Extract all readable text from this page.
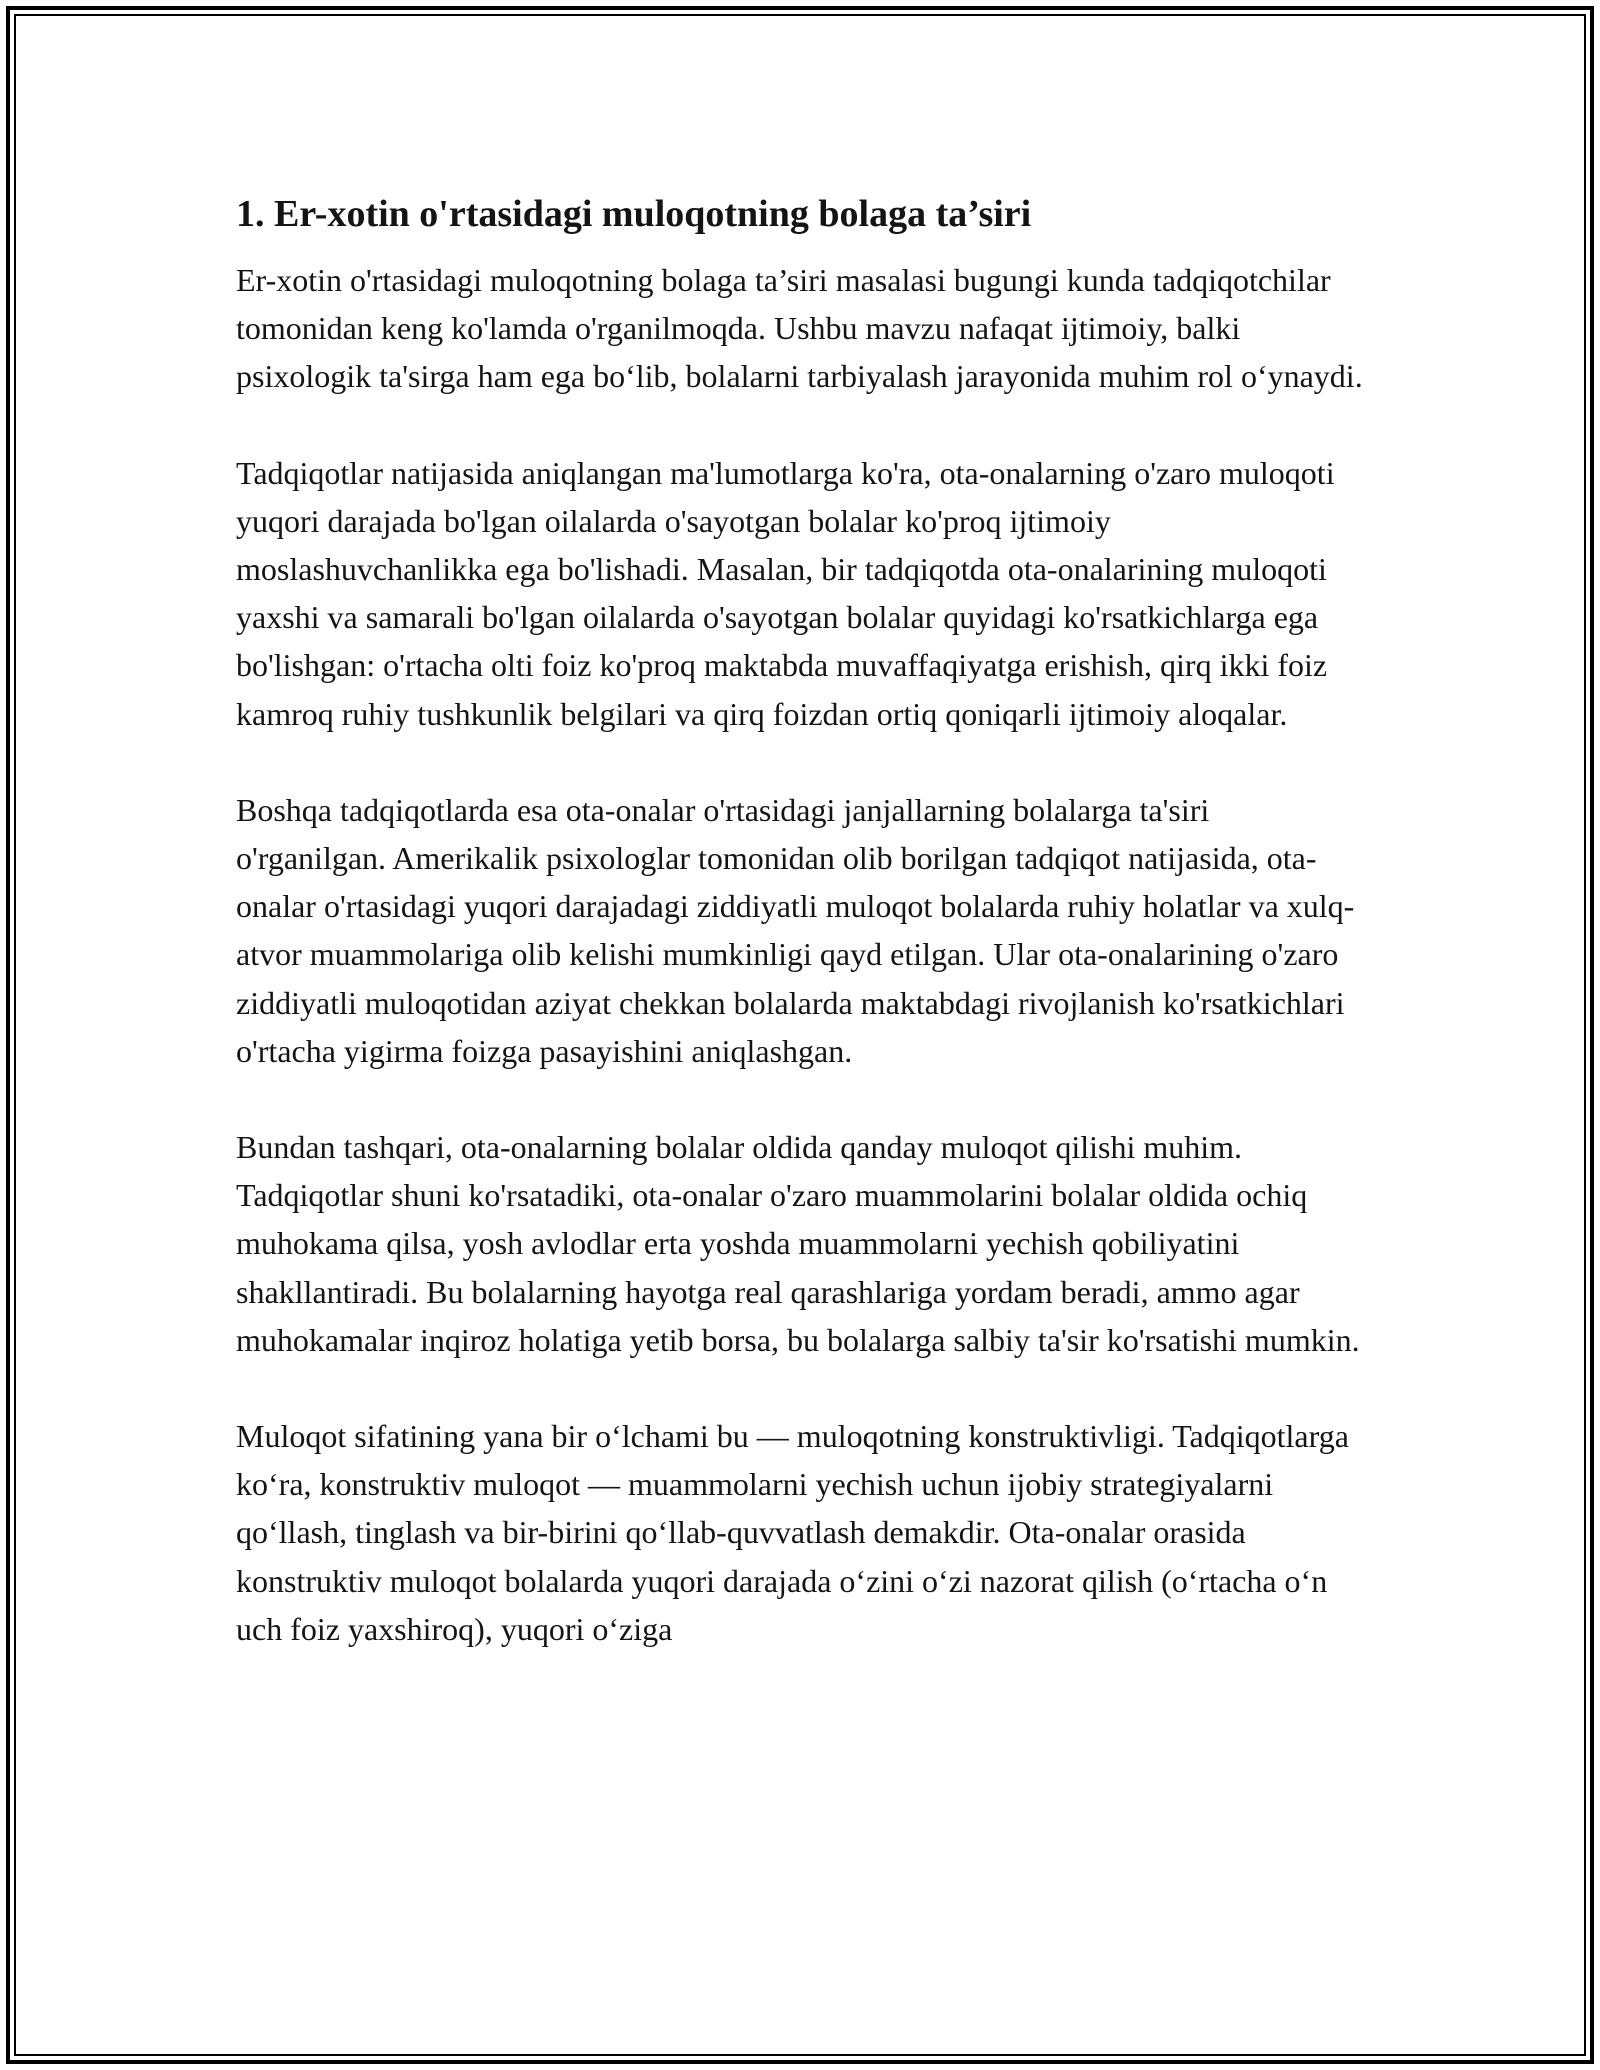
1. Er-xotin o'rtasidagi muloqotning bolaga ta’siri

Er-xotin o'rtasidagi muloqotning bolaga ta’siri masalasi bugungi kunda tadqiqotchilar tomonidan keng ko'lamda o'rganilmoqda. Ushbu mavzu nafaqat ijtimoiy, balki psixologik ta'sirga ham ega bo‘lib, bolalarni tarbiyalash jarayonida muhim rol o‘ynaydi.

Tadqiqotlar natijasida aniqlangan ma'lumotlarga ko'ra, ota-onalarning o'zaro muloqoti yuqori darajada bo'lgan oilalarda o'sayotgan bolalar ko'proq ijtimoiy moslashuvchanlikka ega bo'lishadi. Masalan, bir tadqiqotda ota-onalarining muloqoti yaxshi va samarali bo'lgan oilalarda o'sayotgan bolalar quyidagi ko'rsatkichlarga ega bo'lishgan: o'rtacha olti foiz ko'proq maktabda muvaffaqiyatga erishish, qirq ikki foiz kamroq ruhiy tushkunlik belgilari va qirq foizdan ortiq qoniqarli ijtimoiy aloqalar.

Boshqa tadqiqotlarda esa ota-onalar o'rtasidagi janjallarning bolalarga ta'siri o'rganilgan. Amerikalik psixologlar tomonidan olib borilgan tadqiqot natijasida, ota-onalar o'rtasidagi yuqori darajadagi ziddiyatli muloqot bolalarda ruhiy holatlar va xulq-atvor muammolariga olib kelishi mumkinligi qayd etilgan. Ular ota-onalarining o'zaro ziddiyatli muloqotidan aziyat chekkan bolalarda maktabdagi rivojlanish ko'rsatkichlari o'rtacha yigirma foizga pasayishini aniqlashgan.

Bundan tashqari, ota-onalarning bolalar oldida qanday muloqot qilishi muhim. Tadqiqotlar shuni ko'rsatadiki, ota-onalar o'zaro muammolarini bolalar oldida ochiq muhokama qilsa, yosh avlodlar erta yoshda muammolarni yechish qobiliyatini shakllantiradi. Bu bolalarning hayotga real qarashlariga yordam beradi, ammo agar muhokamalar inqiroz holatiga yetib borsa, bu bolalarga salbiy ta'sir ko'rsatishi mumkin.

Muloqot sifatining yana bir o‘lchami bu — muloqotning konstruktivligi. Tadqiqotlarga ko‘ra, konstruktiv muloqot — muammolarni yechish uchun ijobiy strategiyalarni qo‘llash, tinglash va bir-birini qo‘llab-quvvatlash demakdir. Ota-onalar orasida konstruktiv muloqot bolalarda yuqori darajada o‘zini o‘zi nazorat qilish (o‘rtacha o‘n uch foiz yaxshiroq), yuqori o‘ziga
